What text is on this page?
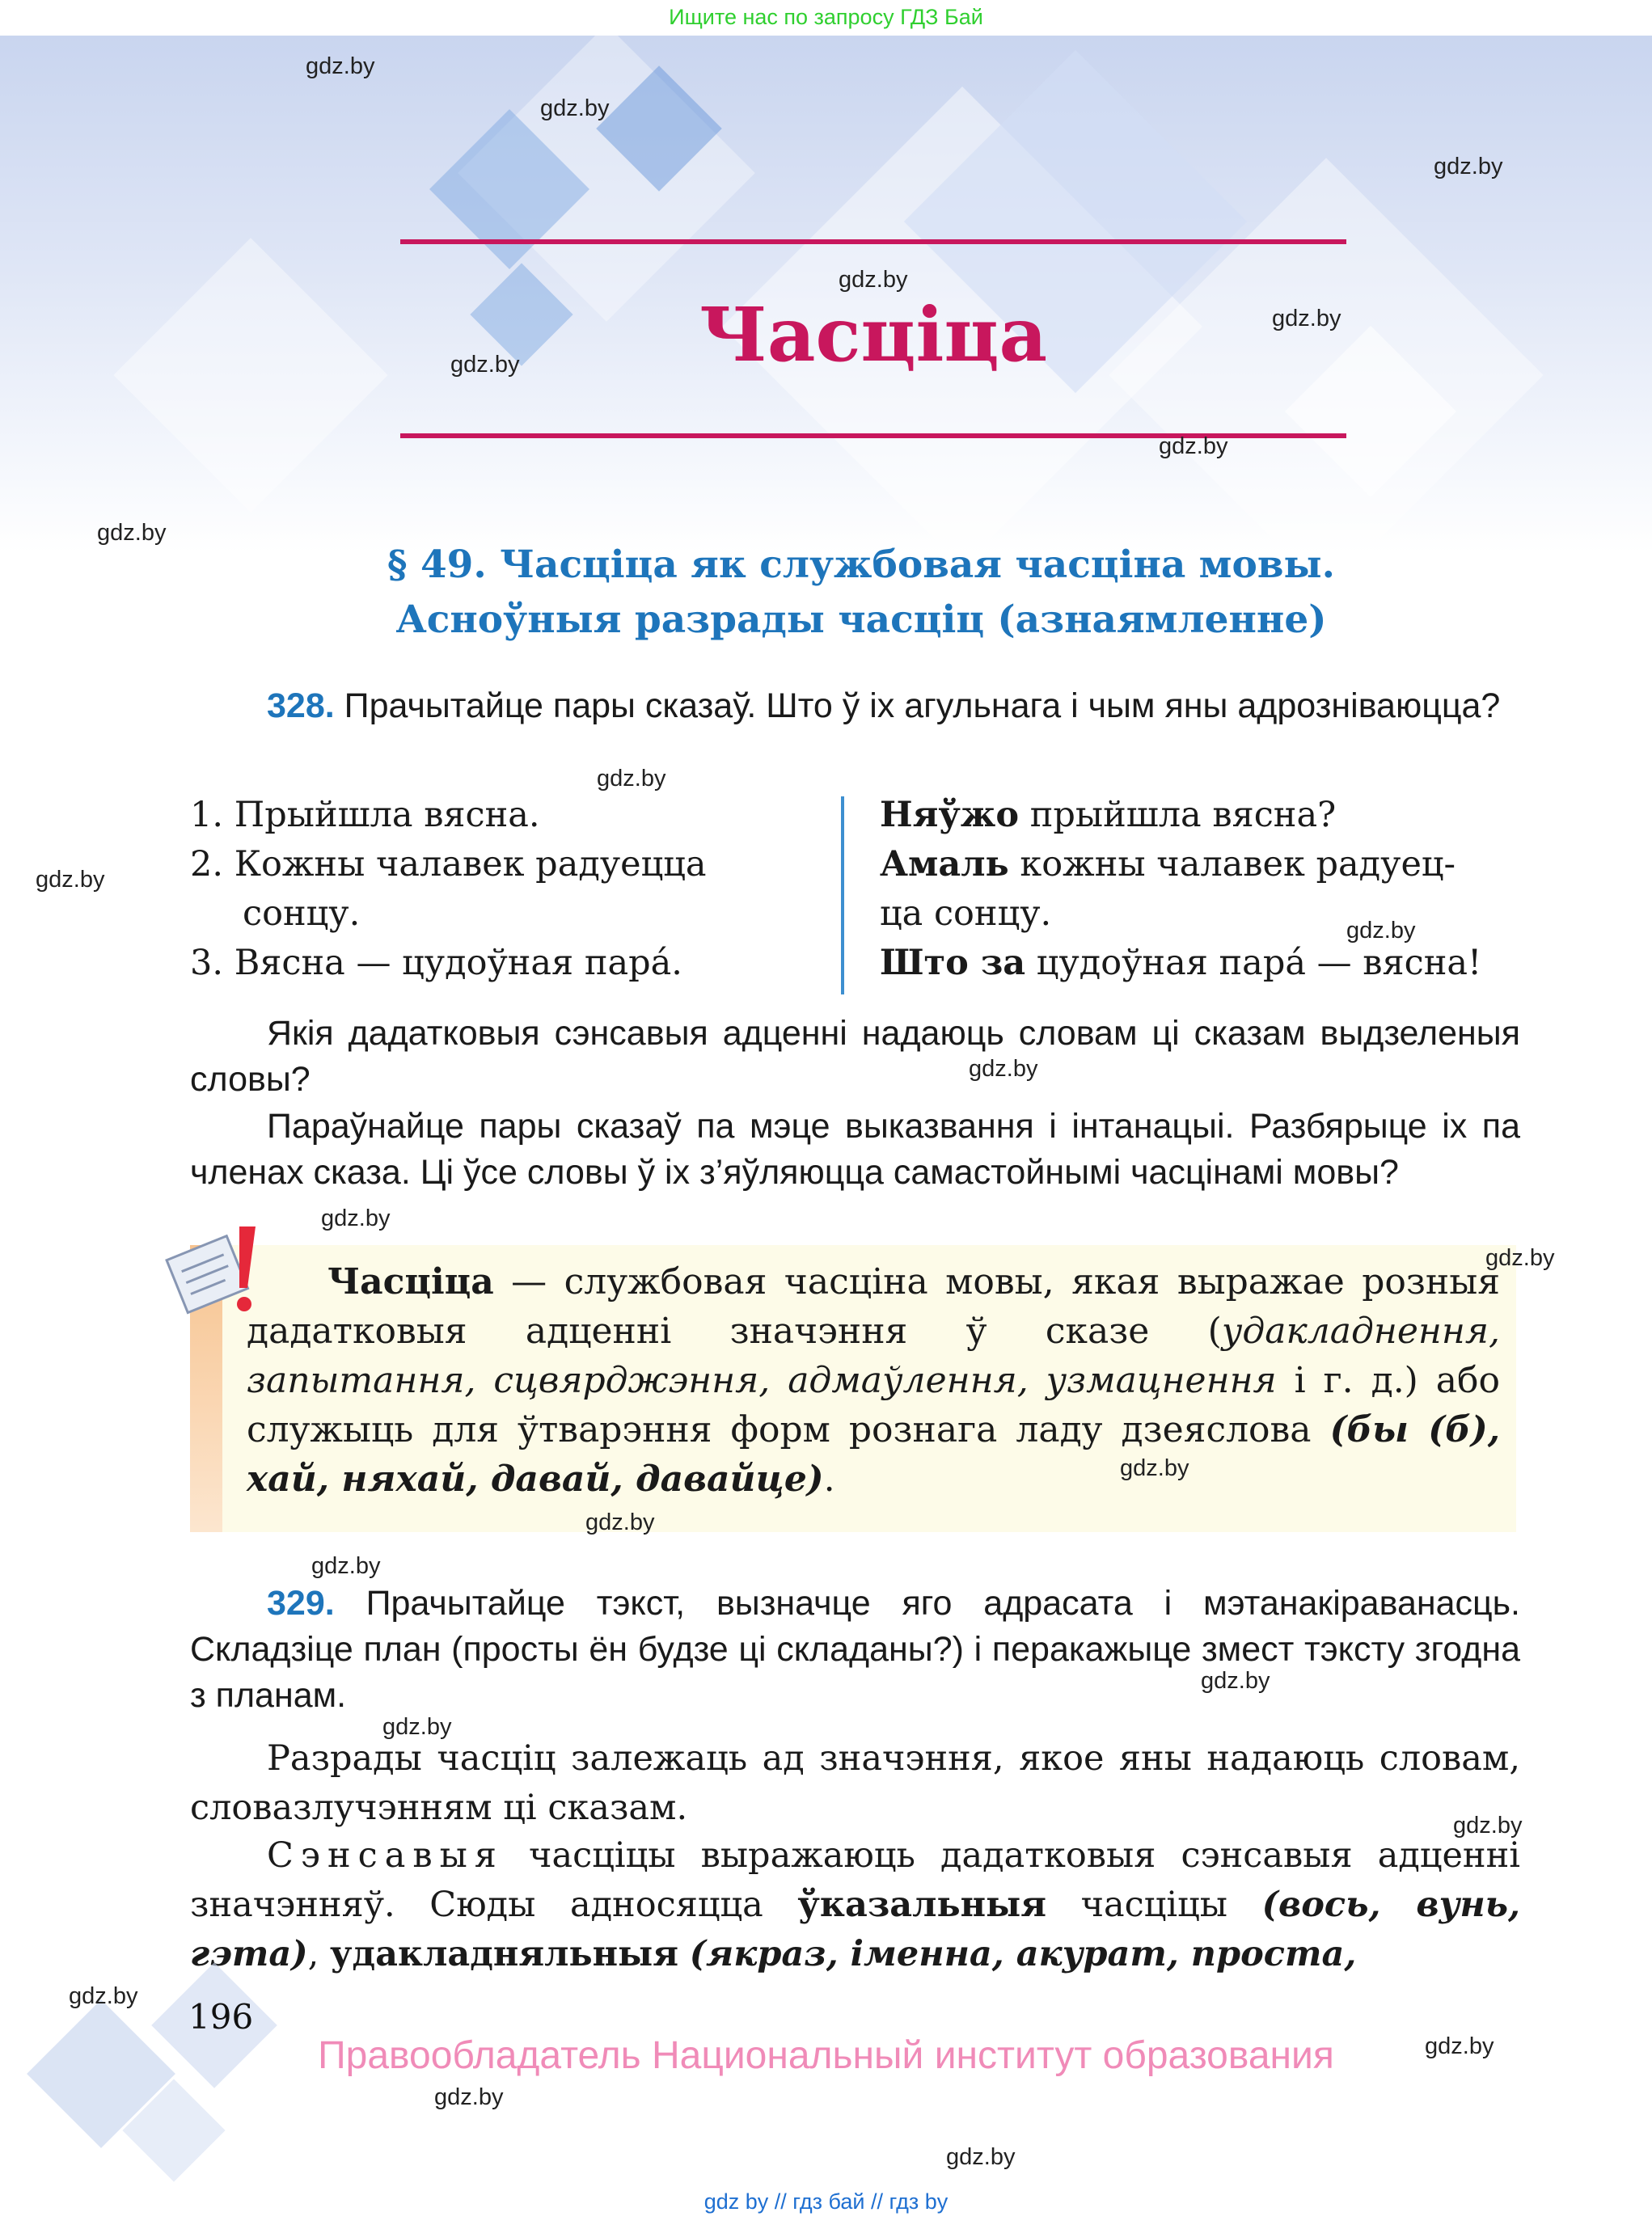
Ищите нас по запросу ГДЗ Бай
Часціца
§ 49. Часціца як службовая часціна мовы.
Асноўныя разрады часціц (азнаямленне)
328. Прачытайце пары сказаў. Што ў іх агульнага і чым яны адрозніваюцца?
1. Прыйшла вясна.
2. Кожны чалавек радуецца
сонцу.
3. Вясна — цудоўная пара́.
Няўжо прыйшла вясна?
Амаль кожны чалавек радуец-
ца сонцу.
Што за цудоўная пара́ — вясна!
Якія дадатковыя сэнсавыя адценні надаюць словам ці сказам выдзеленыя словы?
Параўнайце пары сказаў па мэце выказвання і інтанацыі. Разбярыце іх па членах сказа. Ці ўсе словы ў іх з’яўляюцца самастойнымі часцінамі мовы?
Часціца — службовая часціна мовы, якая выражае розныя дадатковыя адценні значэння ў сказе (удакладнення, запытання, сцвярджэння, адмаўлення, узмацнення і г. д.) або служыць для ўтварэння форм рознага ладу дзеяслова (бы (б), хай, няхай, давай, давайце).
329. Прачытайце тэкст, вызначце яго адрасата і мэтанакіраванасць. Складзіце план (просты ён будзе ці складаны?) і перакажыце змест тэксту згодна з планам.
Разрады часціц залежаць ад значэння, якое яны надаюць словам, словазлучэнням ці сказам.
Сэнсавыя часціцы выражаюць дадатковыя сэнсавыя адценні значэнняў. Сюды адносяцца ўказальныя часціцы (вось, вунь, гэта), удакладняльныя (якраз, іменна, акурат, проста,
196
Правообладатель Национальный институт образования
gdz by // гдз бай // гдз by
gdz.by
gdz.by
gdz.by
gdz.by
gdz.by
gdz.by
gdz.by
gdz.by
gdz.by
gdz.by
gdz.by
gdz.by
gdz.by
gdz.by
gdz.by
gdz.by
gdz.by
gdz.by
gdz.by
gdz.by
gdz.by
gdz.by
gdz.by
gdz.by
